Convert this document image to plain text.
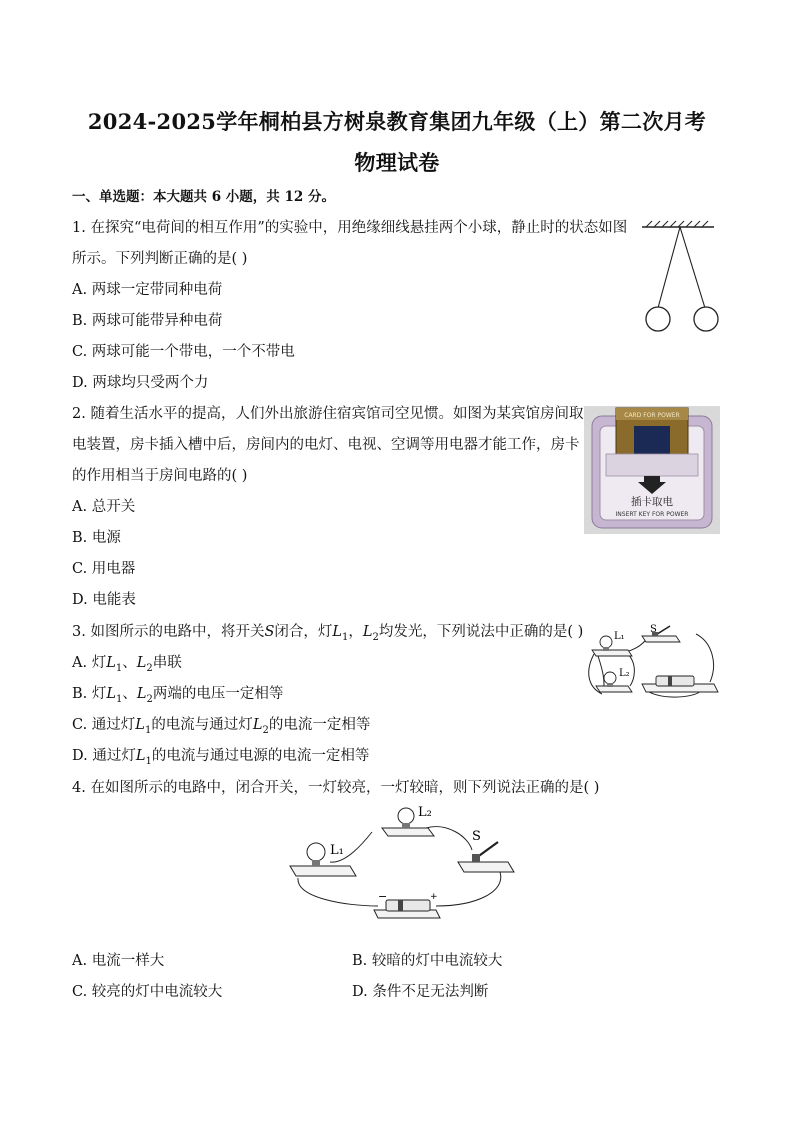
2024-2025学年桐柏县方树泉教育集团九年级（上）第二次月考
物理试卷
一、单选题：本大题共 6 小题，共 12 分。
1. 在探究“电荷间的相互作用”的实验中，用绝缘细线悬挂两个小球，静止时的状态如图
所示。下列判断正确的是( )
A. 两球一定带同种电荷
B. 两球可能带异种电荷
C. 两球可能一个带电，一个不带电
D. 两球均只受两个力
2. 随着生活水平的提高，人们外出旅游住宿宾馆司空见惯。如图为某宾馆房间取
电装置，房卡插入槽中后，房间内的电灯、电视、空调等用电器才能工作，房卡
的作用相当于房间电路的( )
A. 总开关
B. 电源
C. 用电器
D. 电能表
CARD FOR POWER
插卡取电
INSERT KEY FOR POWER
3. 如图所示的电路中，将开关S闭合，灯$L_1$，$L_2$均发光，下列说法中正确的是( )
A. 灯$L_1$、$L_2$串联
B. 灯$L_1$、$L_2$两端的电压一定相等
C. 通过灯$L_1$的电流与通过灯$L_2$的电流一定相等
D. 通过灯$L_1$的电流与通过电源的电流一定相等
L₁
L₂
S
4. 在如图所示的电路中，闭合开关，一灯较亮，一灯较暗，则下列说法正确的是( )
L₁
L₂
S
−	+
A. 电流一样大	B. 较暗的灯中电流较大
C. 较亮的灯中电流较大	D. 条件不足无法判断
